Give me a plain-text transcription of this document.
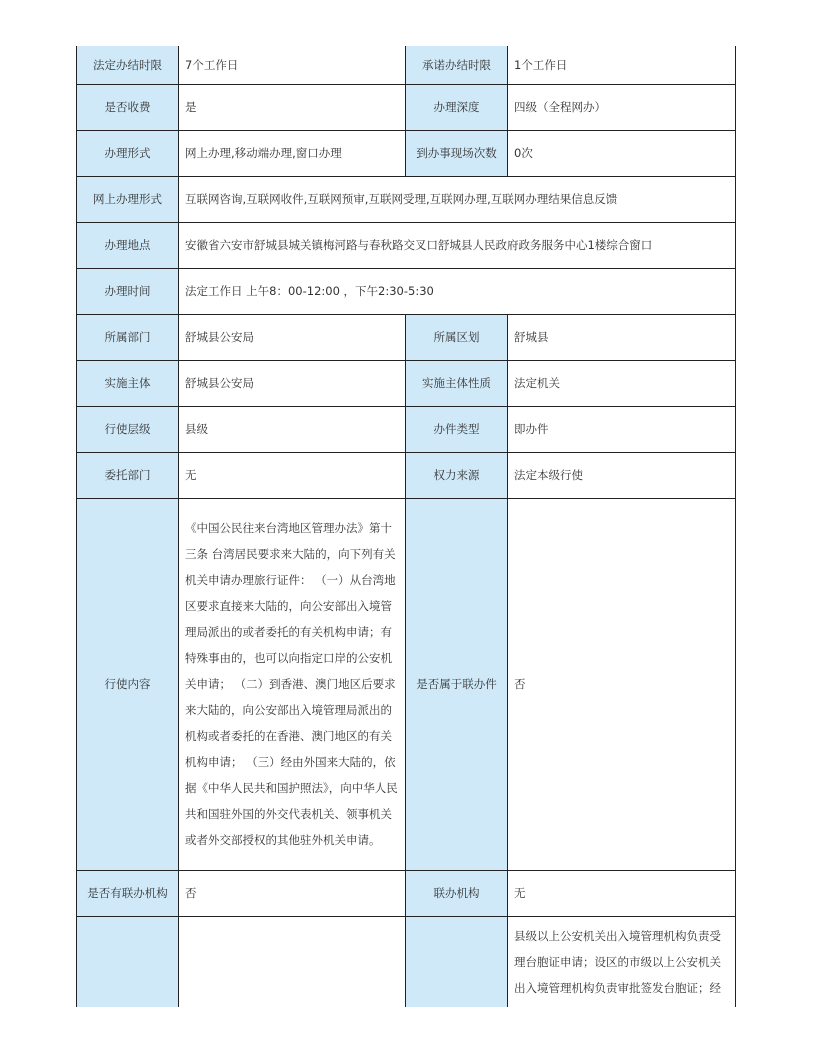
法定办结时限	7个工作日	承诺办结时限	1个工作日
是否收费	是	办理深度	四级（全程网办）
办理形式	网上办理,移动端办理,窗口办理	到办事现场次数	0次
网上办理形式	互联网咨询,互联网收件,互联网预审,互联网受理,互联网办理,互联网办理结果信息反馈		
办理地点	安徽省六安市舒城县城关镇梅河路与春秋路交叉口舒城县人民政府政务服务中心1楼综合窗口		
办理时间	法定工作日 上午8：00-12:00 ，下午2:30-5:30		
所属部门	舒城县公安局	所属区划	舒城县
实施主体	舒城县公安局	实施主体性质	法定机关
行使层级	县级	办件类型	即办件
委托部门	无	权力来源	法定本级行使
行使内容	《中国公民往来台湾地区管理办法》第十三条 台湾居民要求来大陆的，向下列有关机关申请办理旅行证件： （一）从台湾地区要求直接来大陆的，向公安部出入境管理局派出的或者委托的有关机构申请；有特殊事由的，也可以向指定口岸的公安机关申请； （二）到香港、澳门地区后要求来大陆的，向公安部出入境管理局派出的机构或者委托的在香港、澳门地区的有关机构申请； （三）经由外国来大陆的，依据《中华人民共和国护照法》，向中华人民共和国驻外国的外交代表机关、领事机关或者外交部授权的其他驻外机关申请。	是否属于联办件	否
是否有联办机构	否	联办机构	无
			县级以上公安机关出入境管理机构负责受理台胞证申请；设区的市级以上公安机关出入境管理机构负责审批签发台胞证；经
